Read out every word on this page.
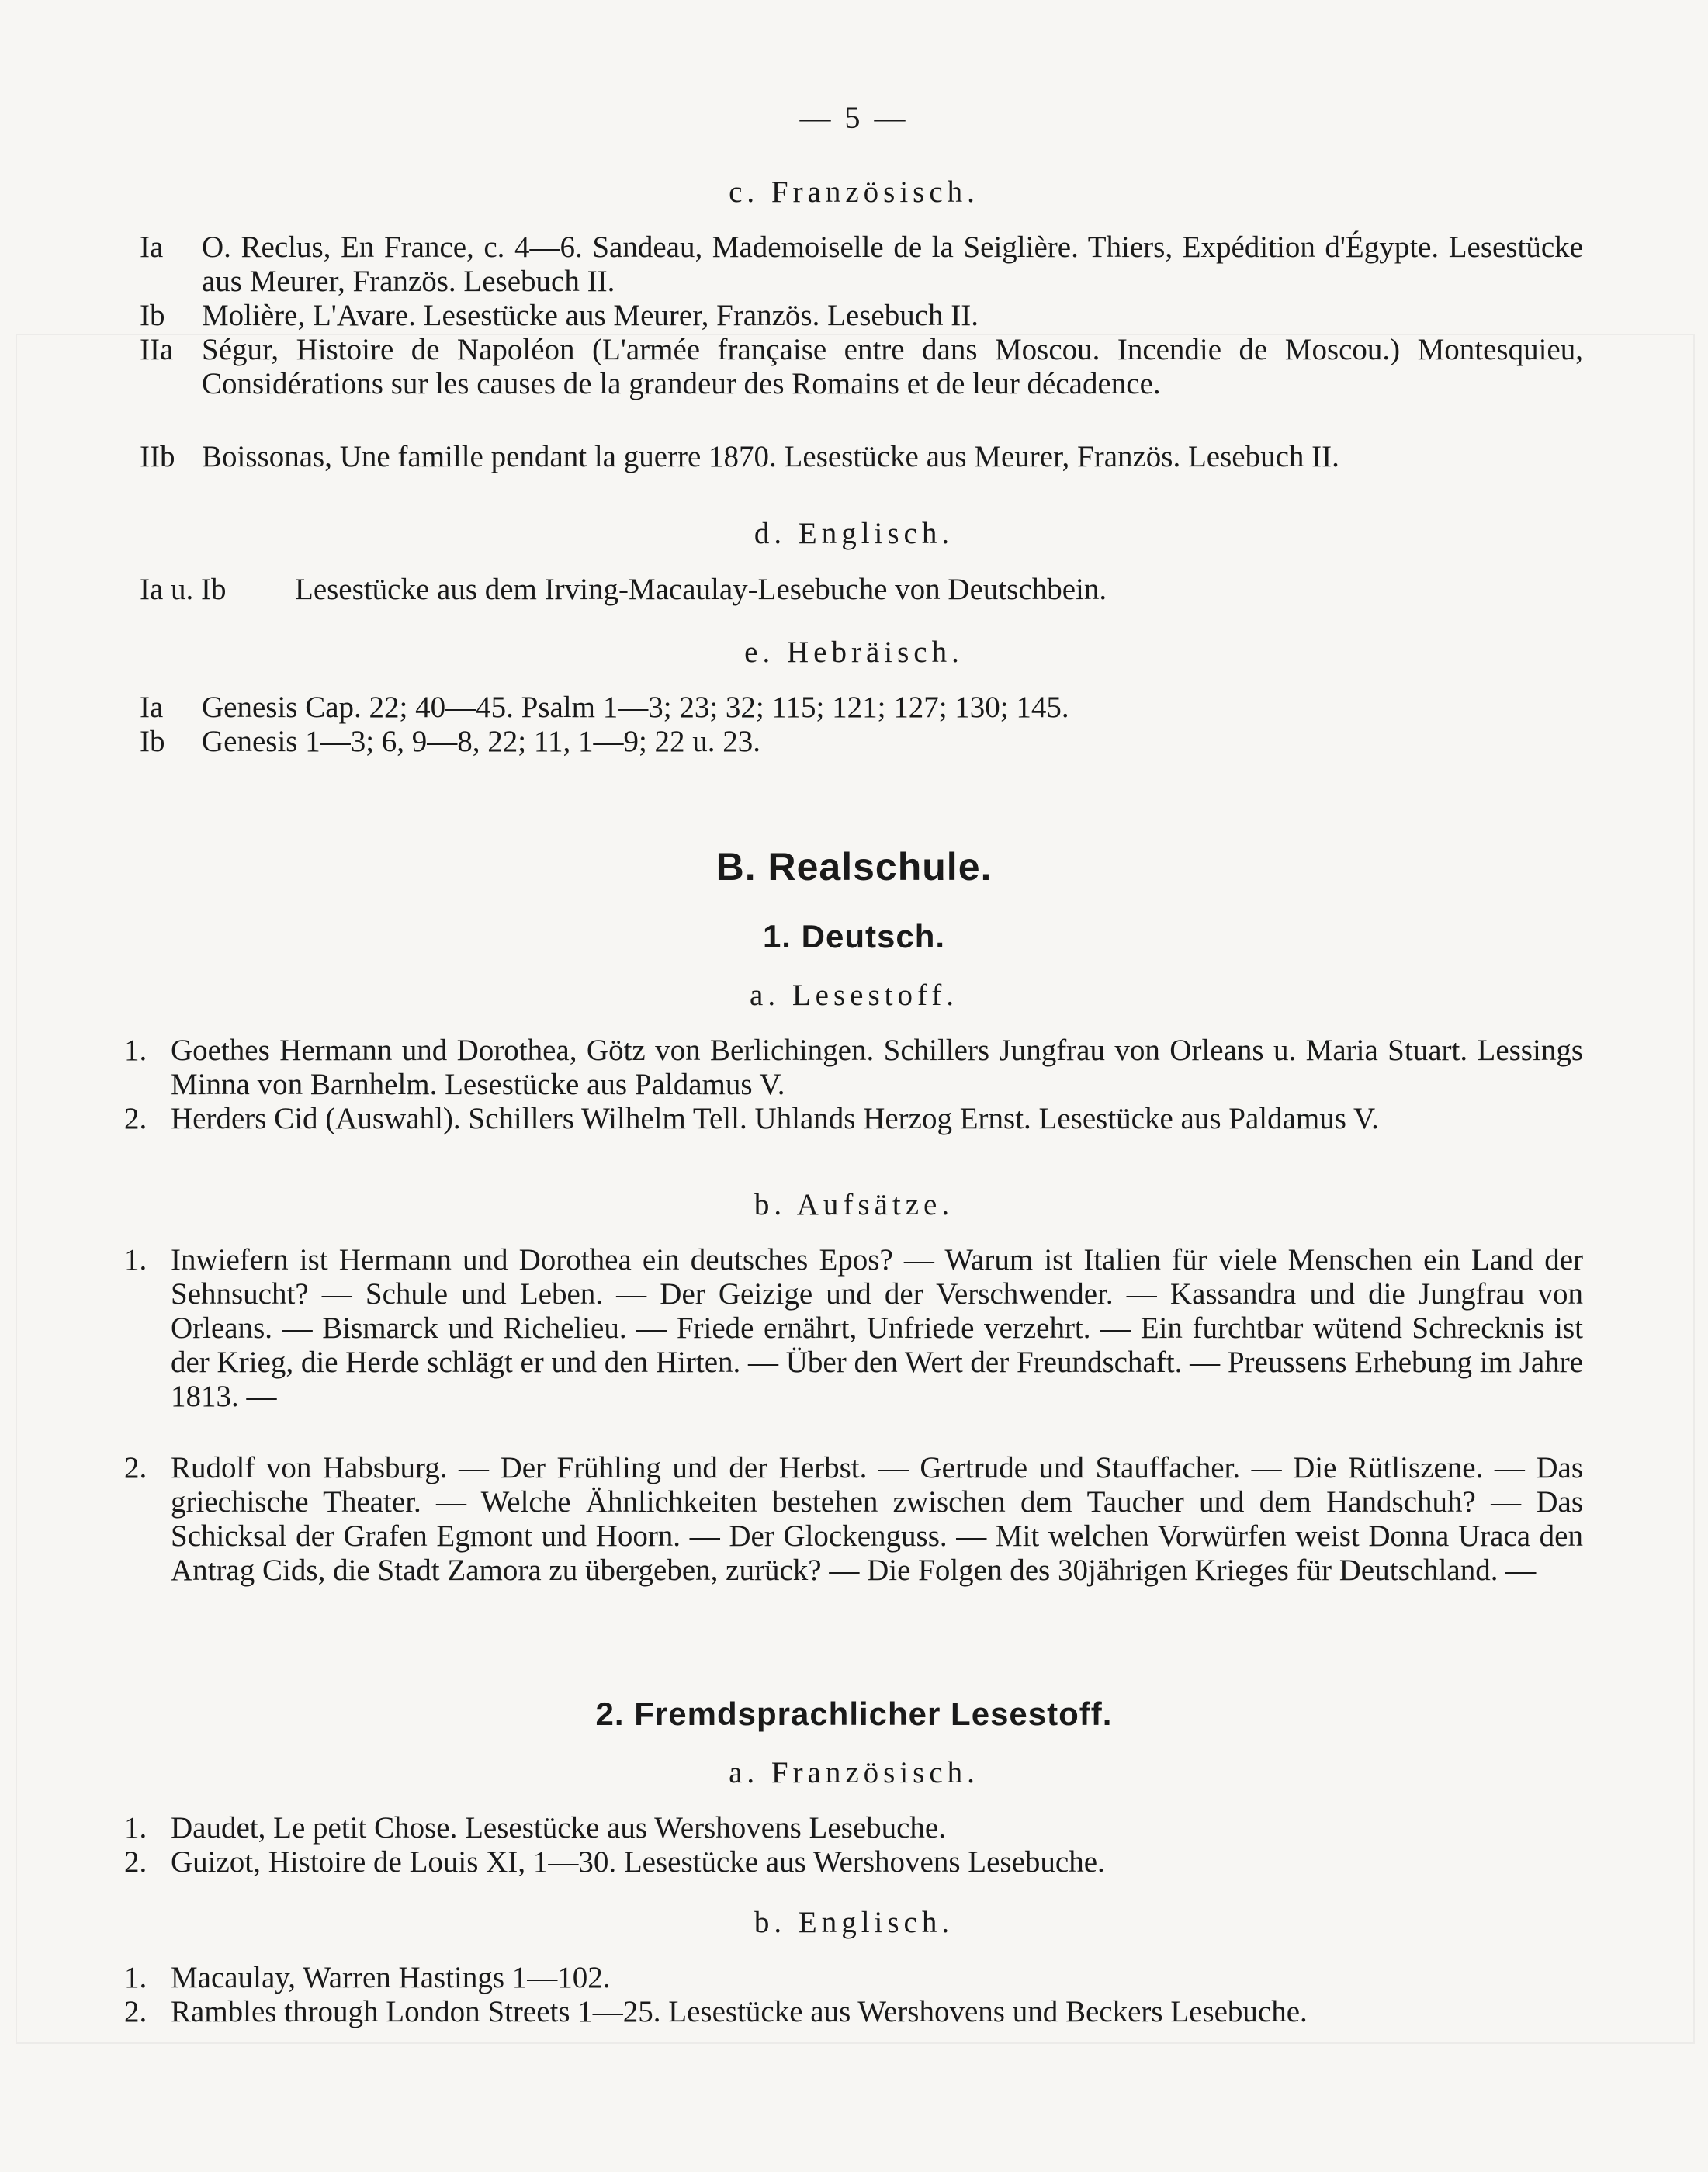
— 5 —
c. Französisch.
Ia O. Reclus, En France, c. 4—6. Sandeau, Mademoiselle de la Seiglière. Thiers, Expédition d'Égypte. Lesestücke aus Meurer, Französ. Lesebuch II.
Ib Molière, L'Avare. Lesestücke aus Meurer, Französ. Lesebuch II.
IIa Ségur, Histoire de Napoléon (L'armée française entre dans Moscou. Incendie de Moscou.) Montesquieu, Considérations sur les causes de la grandeur des Romains et de leur décadence.
IIb Boissonas, Une famille pendant la guerre 1870. Lesestücke aus Meurer, Französ. Lesebuch II.
d. Englisch.
Ia u. Ib Lesestücke aus dem Irving-Macaulay-Lesebuche von Deutschbein.
e. Hebräisch.
Ia Genesis Cap. 22; 40—45. Psalm 1—3; 23; 32; 115; 121; 127; 130; 145.
Ib Genesis 1—3; 6, 9—8, 22; 11, 1—9; 22 u. 23.
B. Realschule.
1. Deutsch.
a. Lesestoff.
1. Goethes Hermann und Dorothea, Götz von Berlichingen. Schillers Jungfrau von Orleans u. Maria Stuart. Lessings Minna von Barnhelm. Lesestücke aus Paldamus V.
2. Herders Cid (Auswahl). Schillers Wilhelm Tell. Uhlands Herzog Ernst. Lesestücke aus Paldamus V.
b. Aufsätze.
1. Inwiefern ist Hermann und Dorothea ein deutsches Epos? — Warum ist Italien für viele Menschen ein Land der Sehnsucht? — Schule und Leben. — Der Geizige und der Verschwender. — Kassandra und die Jungfrau von Orleans. — Bismarck und Richelieu. — Friede ernährt, Unfriede verzehrt. — Ein furchtbar wütend Schrecknis ist der Krieg, die Herde schlägt er und den Hirten. — Über den Wert der Freundschaft. — Preussens Erhebung im Jahre 1813. —
2. Rudolf von Habsburg. — Der Frühling und der Herbst. — Gertrude und Stauffacher. — Die Rütliszene. — Das griechische Theater. — Welche Ähnlichkeiten bestehen zwischen dem Taucher und dem Handschuh? — Das Schicksal der Grafen Egmont und Hoorn. — Der Glockenguss. — Mit welchen Vorwürfen weist Donna Uraca den Antrag Cids, die Stadt Zamora zu übergeben, zurück? — Die Folgen des 30jährigen Krieges für Deutschland. —
2. Fremdsprachlicher Lesestoff.
a. Französisch.
1. Daudet, Le petit Chose. Lesestücke aus Wershovens Lesebuche.
2. Guizot, Histoire de Louis XI, 1—30. Lesestücke aus Wershovens Lesebuche.
b. Englisch.
1. Macaulay, Warren Hastings 1—102.
2. Rambles through London Streets 1—25. Lesestücke aus Wershovens und Beckers Lesebuche.
